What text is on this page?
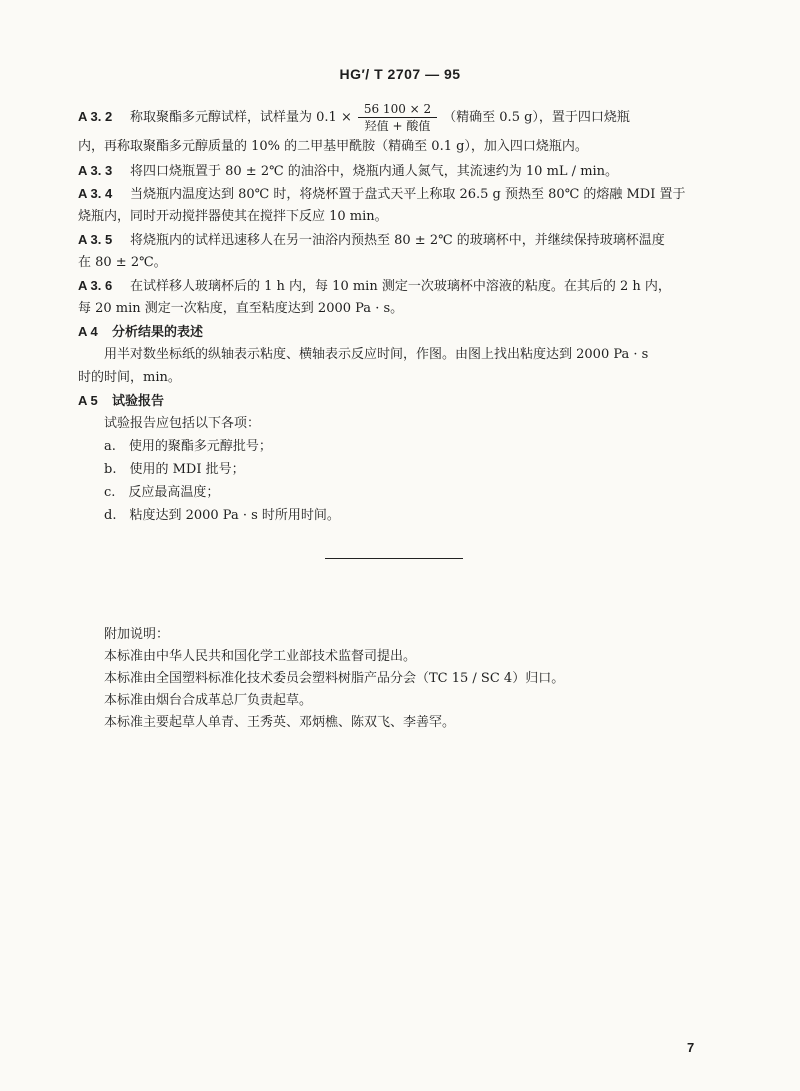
HG′/ T 2707 — 95
A 3. 2 称取聚酯多元醇试样，试样量为 $0.1 \times \frac{56 100 \times 2}{\text{羟值 + 酸值}}$ （精确至 0.5 g），置于四口烧瓶
内，再称取聚酯多元醇质量的 10% 的二甲基甲酰胺（精确至 0.1 g），加入四口烧瓶内。
A 3. 3 将四口烧瓶置于 80 ± 2℃ 的油浴中，烧瓶内通人氮气，其流速约为 10 mL / min。
A 3. 4 当烧瓶内温度达到 80℃ 时，将烧杯置于盘式天平上称取 26.5 g 预热至 80℃ 的熔融 MDI 置于
烧瓶内，同时开动搅拌器使其在搅拌下反应 10 min。
A 3. 5 将烧瓶内的试样迅速移人在另一油浴内预热至 80 ± 2℃ 的玻璃杯中，并继续保持玻璃杯温度
在 80 ± 2℃。
A 3. 6 在试样移人玻璃杯后的 1 h 内，每 10 min 测定一次玻璃杯中溶液的粘度。在其后的 2 h 内，
每 20 min 测定一次粘度，直至粘度达到 2000 Pa · s。
A 4 分析结果的表述
用半对数坐标纸的纵轴表示粘度、横轴表示反应时间，作图。由图上找出粘度达到 2000 Pa · s
时的时间，min。
A 5 试验报告
试验报告应包括以下各项：
a.　使用的聚酯多元醇批号；
b.　使用的 MDI 批号；
c.　反应最高温度；
d.　粘度达到 2000 Pa · s 时所用时间。
附加说明：
本标准由中华人民共和国化学工业部技术监督司提出。
本标准由全国塑料标准化技术委员会塑料树脂产品分会（TC 15 / SC 4）归口。
本标准由烟台合成革总厂负责起草。
本标准主要起草人单青、王秀英、邓炳樵、陈双飞、李善罕。
7
